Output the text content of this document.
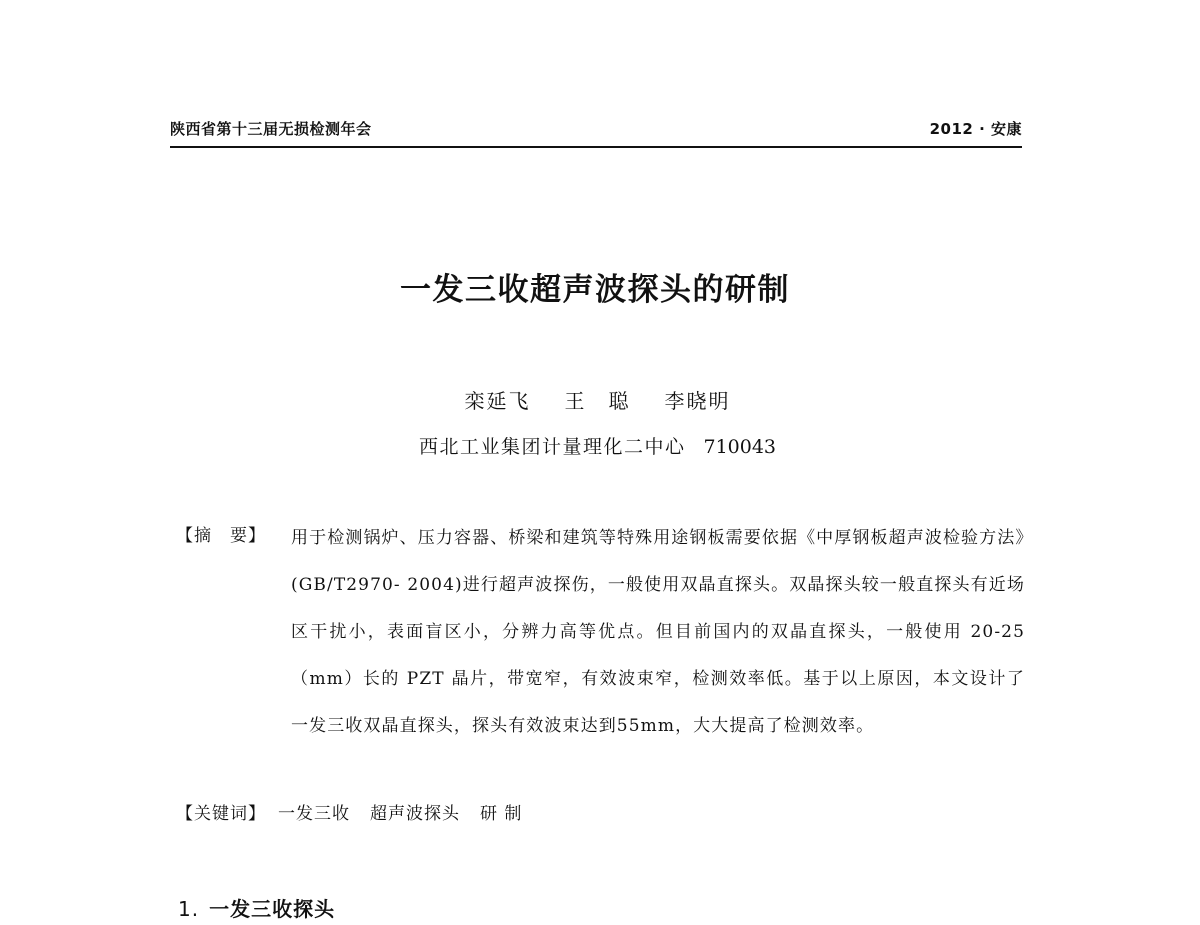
陕西省第十三届无损检测年会	2012 · 安康
一发三收超声波探头的研制
栾延飞 王　聪 李晓明
西北工业集团计量理化二中心 710043
【摘　要】 用于检测锅炉、压力容器、桥梁和建筑等特殊用途钢板需要依据《中厚钢板超声波检验方法》(GB/T2970- 2004)进行超声波探伤，一般使用双晶直探头。双晶探头较一般直探头有近场区干扰小，表面盲区小，分辨力高等优点。但目前国内的双晶直探头，一般使用 20-25（mm）长的 PZT 晶片，带宽窄，有效波束窄，检测效率低。基于以上原因，本文设计了一发三收双晶直探头，探头有效波束达到55mm，大大提高了检测效率。
【关键词】 一发三收 超声波探头 研 制
1. 一发三收探头
